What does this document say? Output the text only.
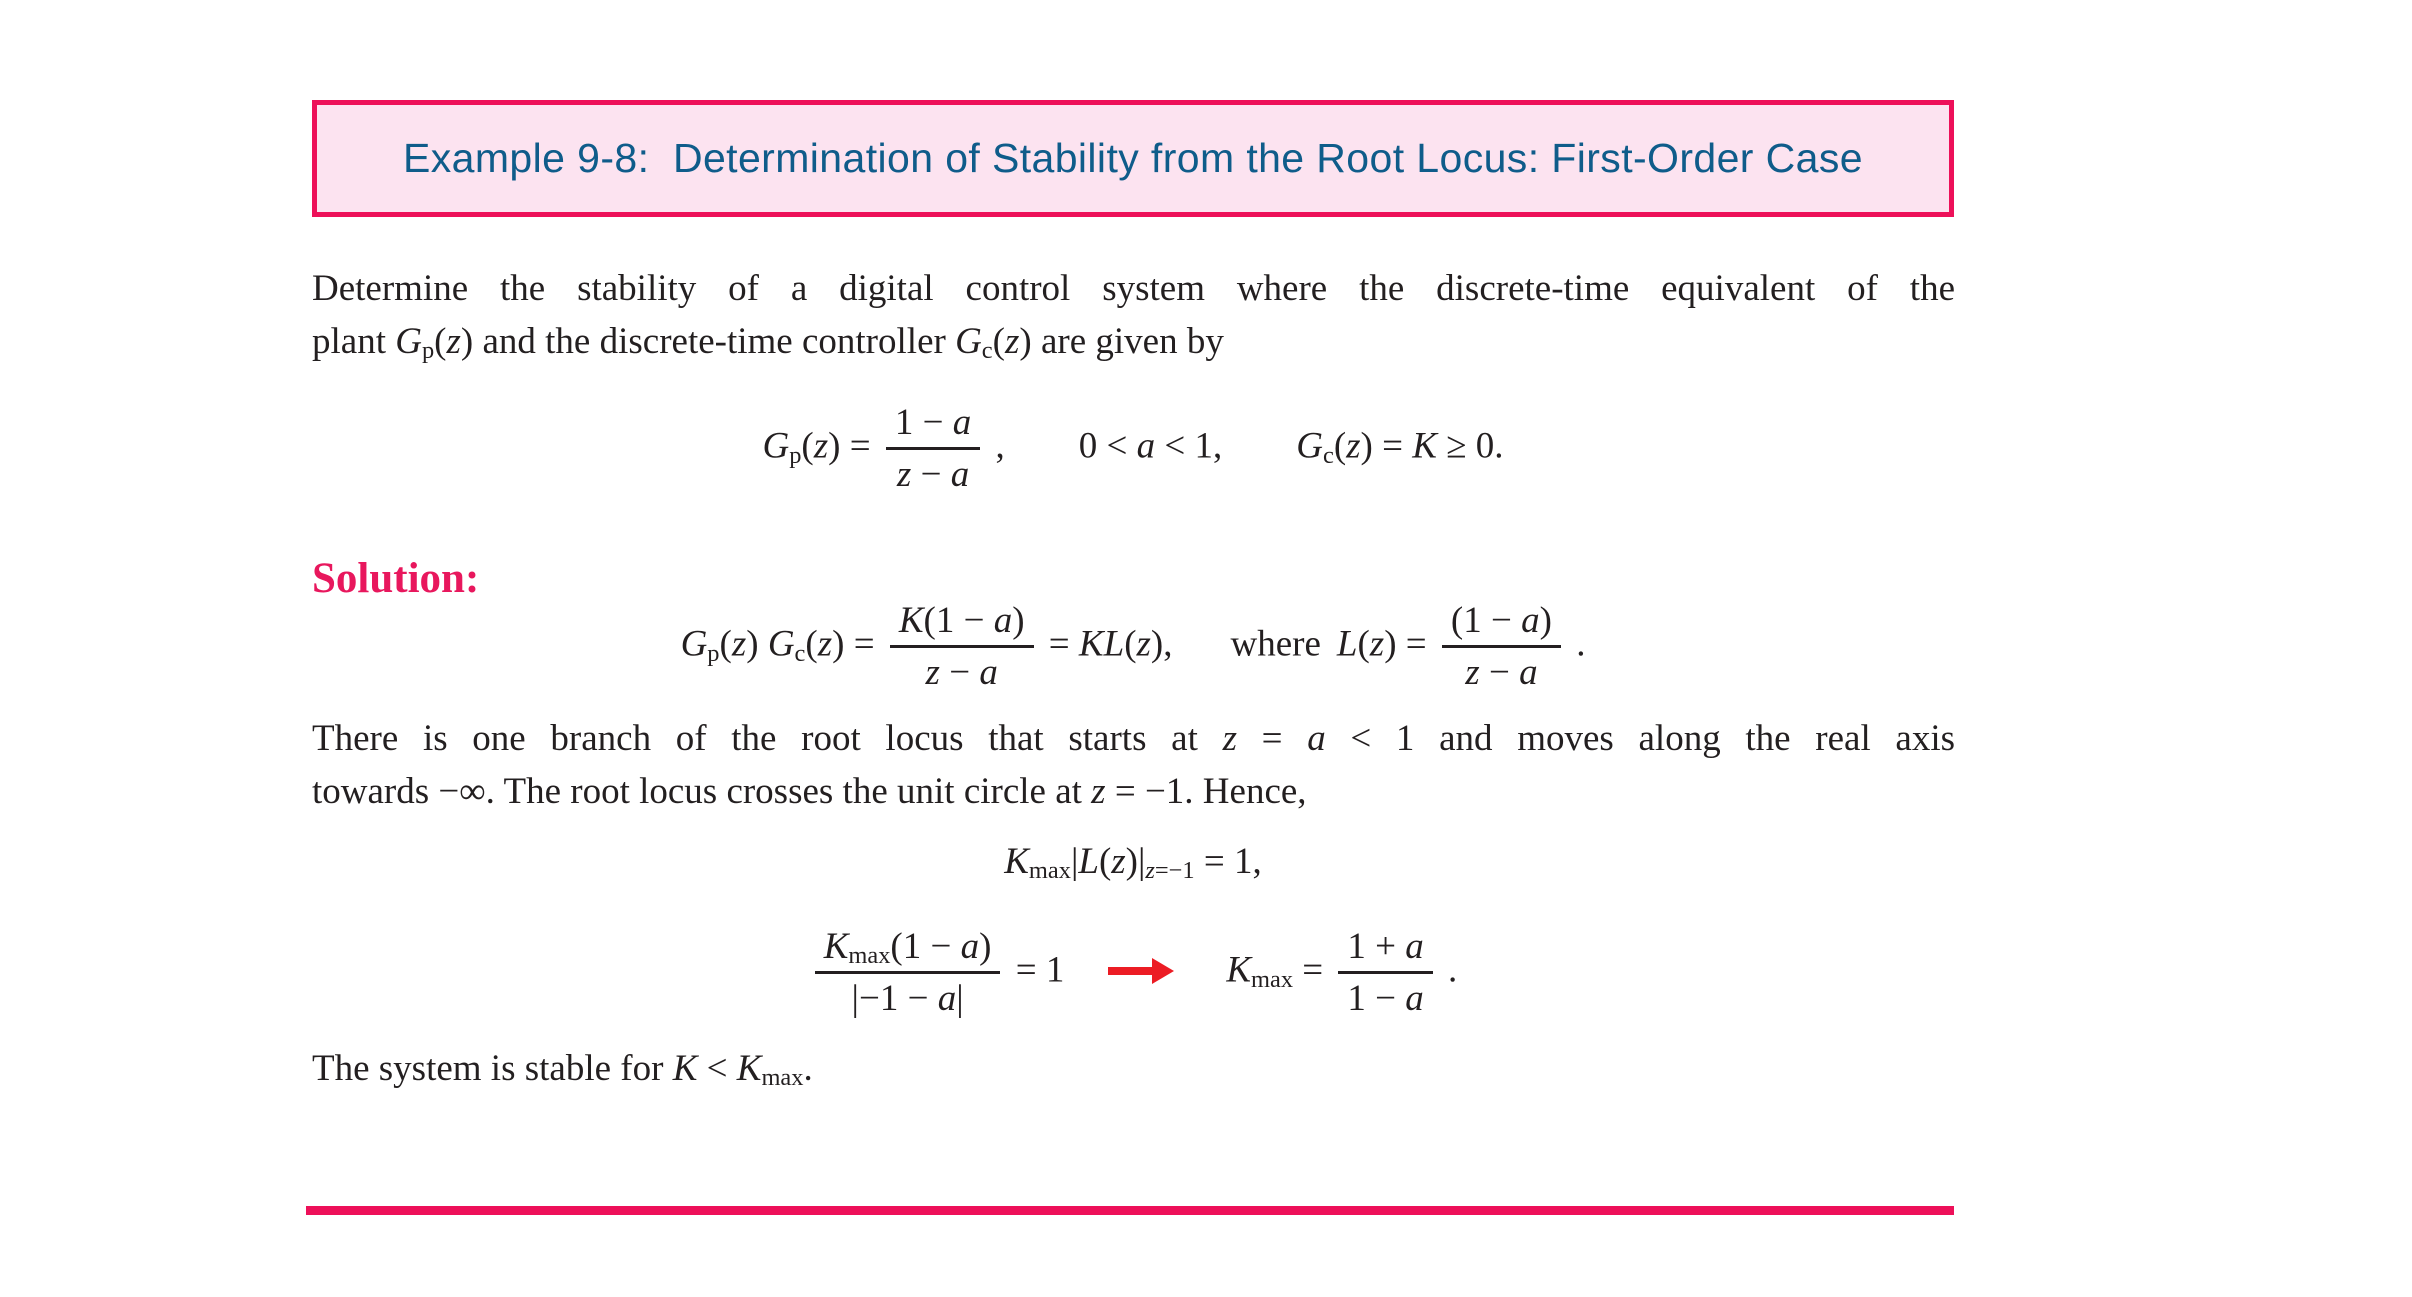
Example 9-8:  Determination of Stability from the Root Locus: First-Order Case
Determine the stability of a digital control system where the discrete-time equivalent of the
plant $G_p(z)$ and the discrete-time controller $G_c(z)$ are given by
$G_p(z) = \frac{1 - a}{z - a}$ , 0 < a < 1, $G_c(z) = K \ge 0$.
Solution:
$G_p(z) G_c(z) = \frac{K(1 - a)}{z - a} = KL(z)$, where $L(z) = \frac{(1 - a)}{z - a}$ .
There is one branch of the root locus that starts at z = a < 1 and moves along the real axis
towards −∞. The root locus crosses the unit circle at z = −1. Hence,
$K_{max}|L(z)|_{z=-1} = 1$,
$\frac{K_{max}(1 - a)}{|-1 - a|} = 1$	$K_{max} = \frac{1 + a}{1 - a}$ .
The system is stable for $K < K_{max}$.
